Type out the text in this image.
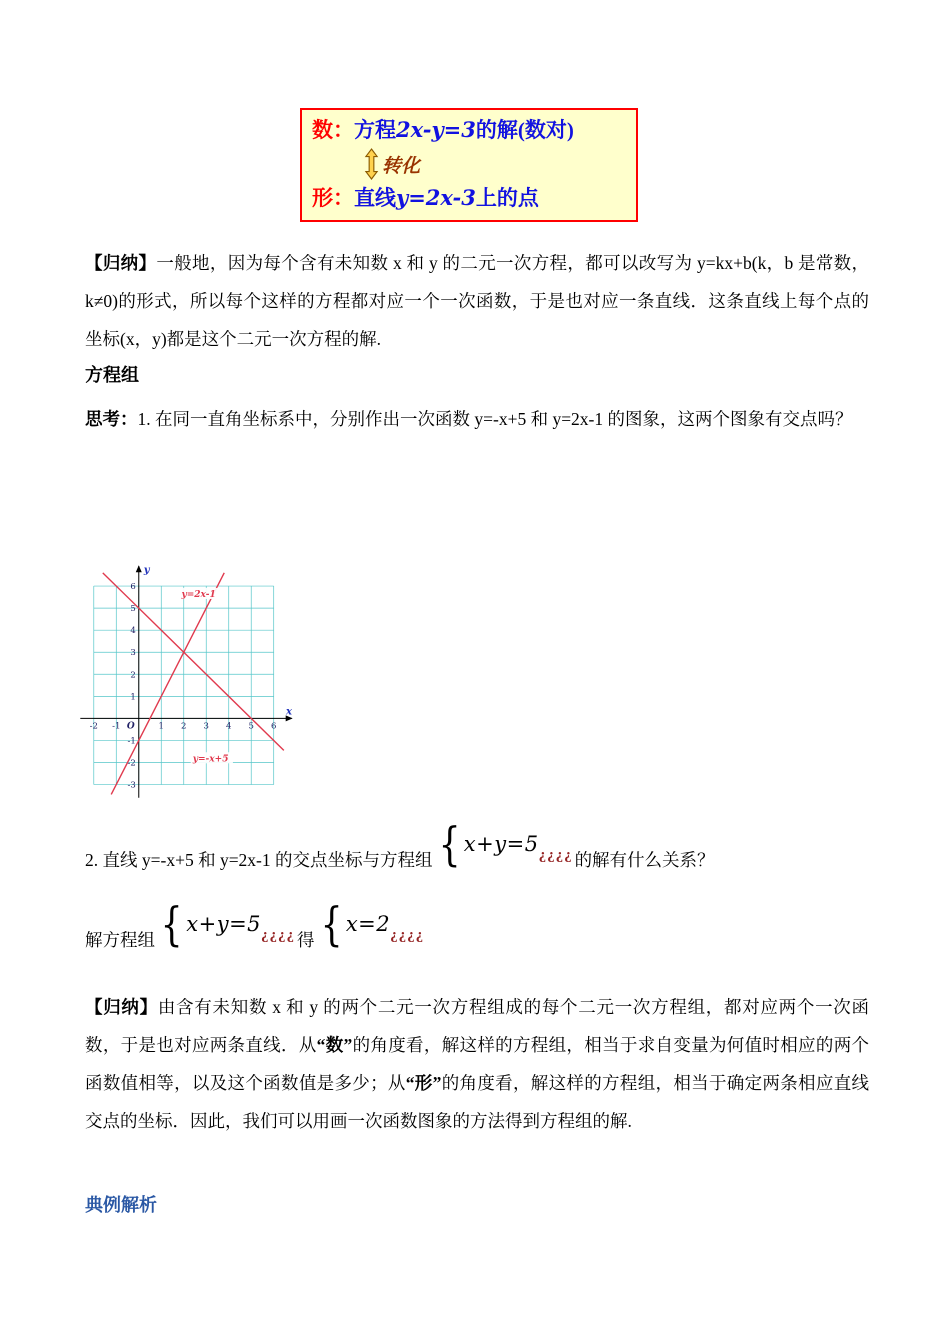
数：方程2x-y=3的解(数对)
转化
形：直线y=2x-3上的点

【归纳】一般地，因为每个含有未知数 x 和 y 的二元一次方程，都可以改写为 y=kx+b(k，b 是常数，k≠0)的形式，所以每个这样的方程都对应一个一次函数，于是也对应一条直线．这条直线上每个点的坐标(x，y)都是这个二元一次方程的解.

方程组

思考：1. 在同一直角坐标系中，分别作出一次函数 y=-x+5 和 y=2x-1 的图象，这两个图象有交点吗？

-2 -1	1 2 3 4 5 6
-3
-2
-1
1
2
3
4
5
6
O
x
y
y=2x-1
y=-x+5

2. 直线 y=-x+5 和 y=2x-1 的交点坐标与方程组 { x+y=5¿¿¿¿ 的解有什么关系？

解方程组 { x+y=5¿¿¿¿ 得 { x=2¿¿¿¿

【归纳】由含有未知数 x 和 y 的两个二元一次方程组成的每个二元一次方程组，都对应两个一次函数，于是也对应两条直线．从“数”的角度看，解这样的方程组，相当于求自变量为何值时相应的两个函数值相等，以及这个函数值是多少；从“形”的角度看，解这样的方程组，相当于确定两条相应直线交点的坐标．因此，我们可以用画一次函数图象的方法得到方程组的解.

典例解析
